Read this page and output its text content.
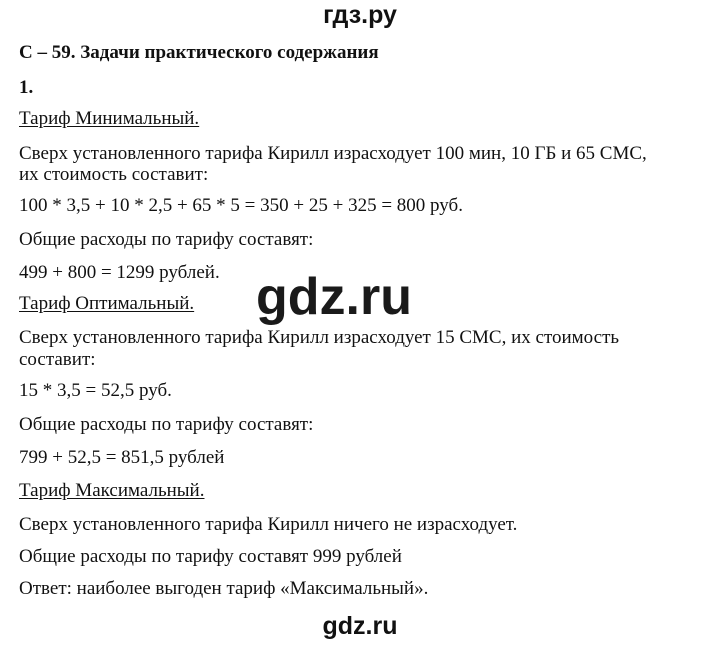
гдз.ру
С – 59. Задачи практического содержания
1.
Тариф Минимальный.
Сверх установленного тарифа Кирилл израсходует 100 мин, 10 ГБ и 65 СМС,
их стоимость составит:
100 * 3,5 + 10 * 2,5 + 65 * 5 = 350 + 25 + 325 = 800 руб.
Общие расходы по тарифу составят:
499 + 800 = 1299 рублей.
Тариф Оптимальный.
Сверх установленного тарифа Кирилл израсходует 15 СМС, их стоимость
составит:
15 * 3,5 = 52,5 руб.
Общие расходы по тарифу составят:
799 + 52,5 = 851,5 рублей
Тариф Максимальный.
Сверх установленного тарифа Кирилл ничего не израсходует.
Общие расходы по тарифу составят 999 рублей
Ответ: наиболее выгоден тариф «Максимальный».
gdz.ru
gdz.ru
